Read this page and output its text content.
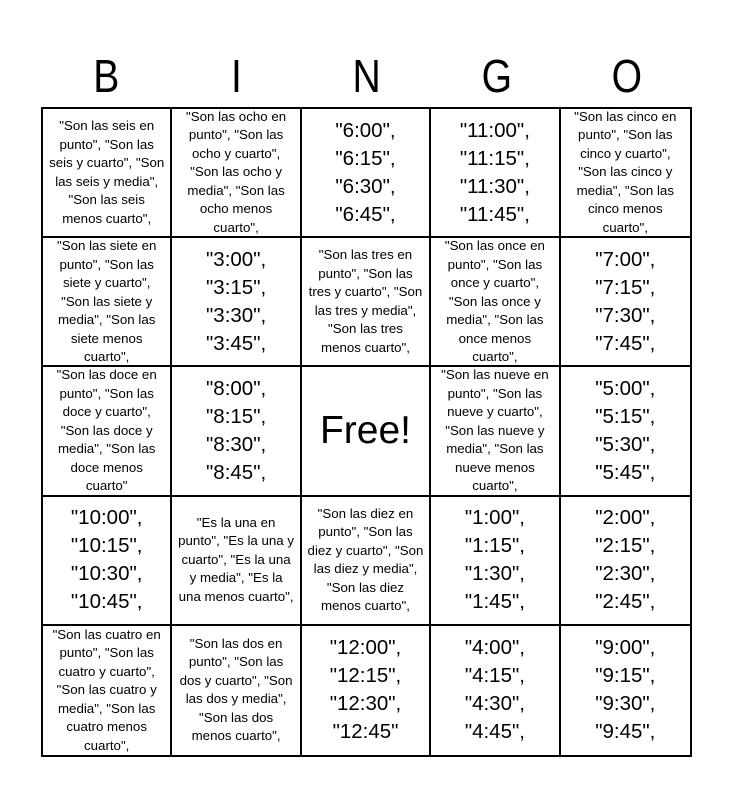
B I N G O
"Son las seis en punto", "Son las seis y cuarto", "Son las seis y media", "Son las seis menos cuarto",
"Son las ocho en punto", "Son las ocho y cuarto", "Son las ocho y media", "Son las ocho menos cuarto",
"6:00", "6:15", "6:30", "6:45",
"11:00", "11:15", "11:30", "11:45",
"Son las cinco en punto", "Son las cinco y cuarto", "Son las cinco y media", "Son las cinco menos cuarto",
"Son las siete en punto", "Son las siete y cuarto", "Son las siete y media", "Son las siete menos cuarto",
"3:00", "3:15", "3:30", "3:45",
"Son las tres en punto", "Son las tres y cuarto", "Son las tres y media", "Son las tres menos cuarto",
"Son las once en punto", "Son las once y cuarto", "Son las once y media", "Son las once menos cuarto",
"7:00", "7:15", "7:30", "7:45",
"Son las doce en punto", "Son las doce y cuarto", "Son las doce y media", "Son las doce menos cuarto"
"8:00", "8:15", "8:30", "8:45",
Free!
"Son las nueve en punto", "Son las nueve y cuarto", "Son las nueve y media", "Son las nueve menos cuarto",
"5:00", "5:15", "5:30", "5:45",
"10:00", "10:15", "10:30", "10:45",
"Es la una en punto", "Es la una y cuarto", "Es la una y media", "Es la una menos cuarto",
"Son las diez en punto", "Son las diez y cuarto", "Son las diez y media", "Son las diez menos cuarto",
"1:00", "1:15", "1:30", "1:45",
"2:00", "2:15", "2:30", "2:45",
"Son las cuatro en punto", "Son las cuatro y cuarto", "Son las cuatro y media", "Son las cuatro menos cuarto",
"Son las dos en punto", "Son las dos y cuarto", "Son las dos y media", "Son las dos menos cuarto",
"12:00", "12:15", "12:30", "12:45"
"4:00", "4:15", "4:30", "4:45",
"9:00", "9:15", "9:30", "9:45",
